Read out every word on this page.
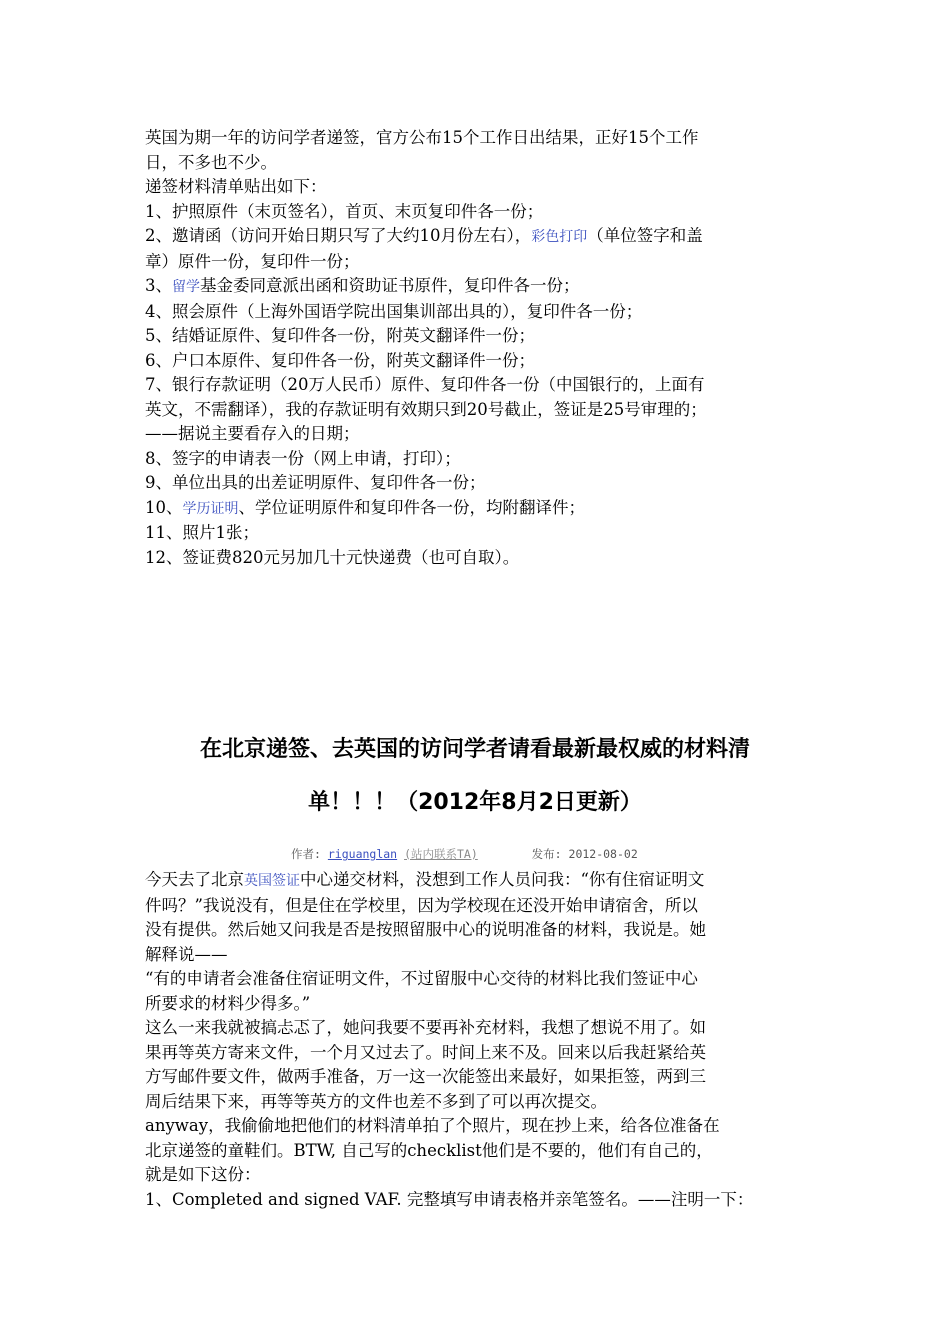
英国为期一年的访问学者递签，官方公布15个工作日出结果，正好15个工作
日，不多也不少。
递签材料清单贴出如下：
1、护照原件（末页签名），首页、末页复印件各一份；
2、邀请函（访问开始日期只写了大约10月份左右），彩色打印（单位签字和盖
章）原件一份，复印件一份；
3、留学基金委同意派出函和资助证书原件，复印件各一份；
4、照会原件（上海外国语学院出国集训部出具的），复印件各一份；
5、结婚证原件、复印件各一份，附英文翻译件一份；
6、户口本原件、复印件各一份，附英文翻译件一份；
7、银行存款证明（20万人民币）原件、复印件各一份（中国银行的，上面有
英文，不需翻译），我的存款证明有效期只到20号截止，签证是25号审理的；
——据说主要看存入的日期；
8、签字的申请表一份（网上申请，打印）；
9、单位出具的出差证明原件、复印件各一份；
10、学历证明、学位证明原件和复印件各一份，均附翻译件；
11、照片1张；
12、签证费820元另加几十元快递费（也可自取）。
在北京递签、去英国的访问学者请看最新最权威的材料清
单！！！（2012年8月2日更新）
作者: riguanglan (站内联系TA)	发布: 2012-08-02
今天去了北京英国签证中心递交材料，没想到工作人员问我：“你有住宿证明文
件吗？”我说没有，但是住在学校里，因为学校现在还没开始申请宿舍，所以
没有提供。然后她又问我是否是按照留服中心的说明准备的材料，我说是。她
解释说——
“有的申请者会准备住宿证明文件，不过留服中心交待的材料比我们签证中心
所要求的材料少得多。”
这么一来我就被搞忐忑了，她问我要不要再补充材料，我想了想说不用了。如
果再等英方寄来文件，一个月又过去了。时间上来不及。回来以后我赶紧给英
方写邮件要文件，做两手准备，万一这一次能签出来最好，如果拒签，两到三
周后结果下来，再等等英方的文件也差不多到了可以再次提交。
anyway，我偷偷地把他们的材料清单拍了个照片，现在抄上来，给各位准备在
北京递签的童鞋们。BTW, 自己写的checklist他们是不要的，他们有自己的，
就是如下这份：
1、Completed and signed VAF. 完整填写申请表格并亲笔签名。——注明一下：
